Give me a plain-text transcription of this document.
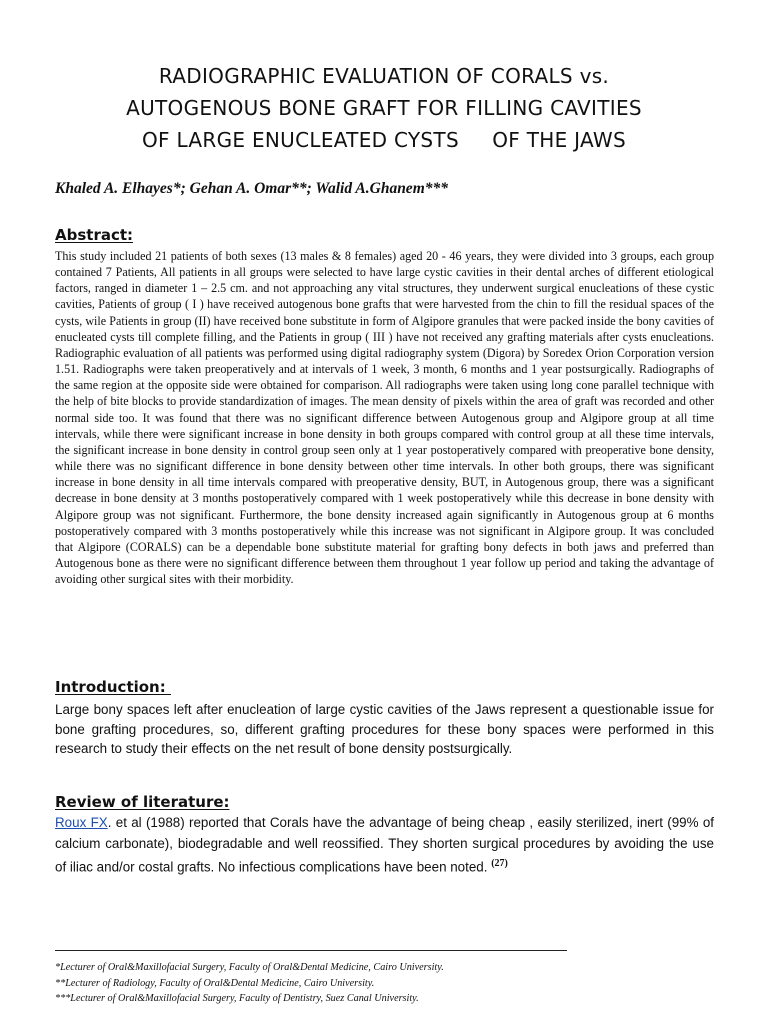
RADIOGRAPHIC EVALUATION OF CORALS vs.
AUTOGENOUS BONE GRAFT FOR FILLING CAVITIES
OF LARGE ENUCLEATED CYSTS     OF THE JAWS
Khaled A. Elhayes*; Gehan A. Omar**; Walid A.Ghanem***
Abstract:
This study included 21 patients of both sexes (13 males & 8 females) aged 20 - 46 years, they were divided into 3 groups, each group contained 7 Patients, All patients in all groups were selected to have large cystic cavities in their dental arches of different etiological factors, ranged in diameter 1 – 2.5 cm. and not approaching any vital structures, they underwent surgical enucleations of these cystic cavities, Patients of group ( I ) have received autogenous bone grafts that were harvested from the chin to fill the residual spaces of the cysts, wile Patients in group (II) have received bone substitute in form of Algipore granules that were packed inside the bony cavities of enucleated cysts till complete filling, and the Patients in group ( III ) have not received any grafting materials after cysts enucleations. Radiographic evaluation of all patients was performed using digital radiography system (Digora) by Soredex Orion Corporation version 1.51. Radiographs were taken preoperatively and at intervals of 1 week, 3 month, 6 months and 1 year postsurgically. Radiographs of the same region at the opposite side were obtained for comparison. All radiographs were taken using long cone parallel technique with the help of bite blocks to provide standardization of images. The mean density of pixels within the area of graft was recorded and other normal side too. It was found that there was no significant difference between Autogenous group and Algipore group at all time intervals, while there were significant increase in bone density in both groups compared with control group at all these time intervals, the significant increase in bone density in control group seen only at 1 year postoperatively compared with preoperative bone density, while there was no significant difference in bone density between other time intervals. In other both groups, there was significant increase in bone density in all time intervals compared with preoperative density, BUT, in Autogenous group, there was a significant decrease in bone density at 3 months postoperatively compared with 1 week postoperatively while this decrease in bone density with Algipore group was not significant. Furthermore, the bone density increased again significantly in Autogenous group at 6 months postoperatively compared with 3 months postoperatively while this increase was not significant in Algipore group. It was concluded that Algipore (CORALS) can be a dependable bone substitute material for grafting bony defects in both jaws and preferred than Autogenous bone as there were no significant difference between them throughout 1 year follow up period and taking the advantage of avoiding other surgical sites with their morbidity.
Introduction:
Large bony spaces left after enucleation of large cystic cavities of the Jaws represent a questionable issue for bone grafting procedures, so, different grafting procedures for these bony spaces were performed in this research to study their effects on the net result of bone density postsurgically.
Review of literature:
Roux FX. et al (1988) reported that Corals have the advantage of being cheap , easily sterilized, inert (99% of calcium carbonate), biodegradable and well reossified. They shorten surgical procedures by avoiding the use of iliac and/or costal grafts. No infectious complications have been noted. $^{(27)}$
*Lecturer of Oral&Maxillofacial Surgery, Faculty of Oral&Dental Medicine, Cairo University.
**Lecturer of Radiology, Faculty of Oral&Dental Medicine, Cairo University.
***Lecturer of Oral&Maxillofacial Surgery, Faculty of Dentistry, Suez Canal University.
